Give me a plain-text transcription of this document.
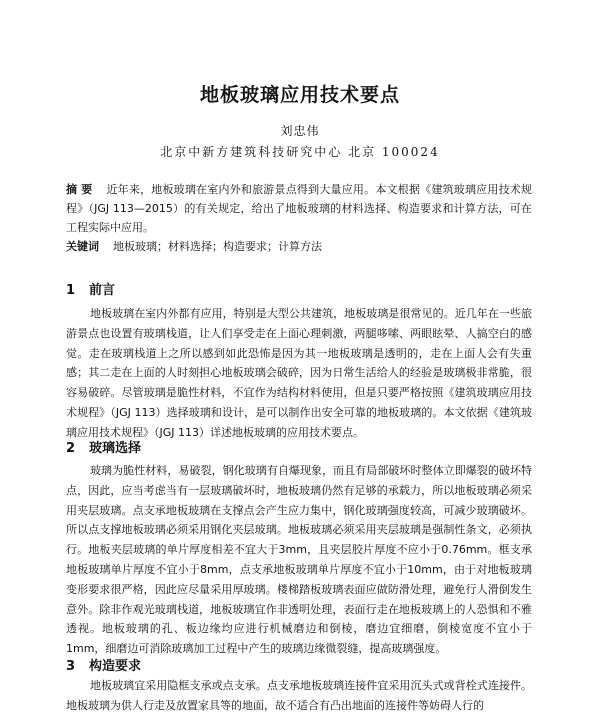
地板玻璃应用技术要点
刘忠伟
北京中新方建筑科技研究中心 北京 100024
摘 要 近年来，地板玻璃在室内外和旅游景点得到大量应用。本文根据《建筑玻璃应用技术规程》（JGJ 113—2015）的有关规定，给出了地板玻璃的材料选择、构造要求和计算方法，可在工程实际中应用。
关键词 地板玻璃；材料选择；构造要求；计算方法
1 前言
地板玻璃在室内外都有应用，特别是大型公共建筑，地板玻璃是很常见的。近几年在一些旅游景点也设置有玻璃栈道，让人们享受走在上面心理刺激，两腿哆嗦、两眼眩晕、人搞空白的感觉。走在玻璃栈道上之所以感到如此恐怖是因为其一地板玻璃是透明的，走在上面人会有失重感；其二走在上面的人时刻担心地板玻璃会破碎，因为日常生活给人的经验是玻璃极非常脆，很容易破碎。尽管玻璃是脆性材料，不宜作为结构材料使用，但是只要严格按照《建筑玻璃应用技术规程》（JGJ 113）选择玻璃和设计，是可以制作出安全可靠的地板玻璃的。本文依据《建筑玻璃应用技术规程》（JGJ 113）详述地板玻璃的应用技术要点。
2 玻璃选择
玻璃为脆性材料，易破裂，钢化玻璃有自爆现象，而且有局部破坏时整体立即爆裂的破坏特点，因此，应当考虑当有一层玻璃破坏时，地板玻璃仍然有足够的承载力，所以地板玻璃必须采用夹层玻璃。点支承地板玻璃在支撑点会产生应力集中，钢化玻璃强度较高，可减少玻璃破坏。所以点支撑地板玻璃必须采用钢化夹层玻璃。地板玻璃必须采用夹层玻璃是强制性条文，必须执行。地板夹层玻璃的单片厚度相差不宜大于3mm，且夹层胶片厚度不应小于0.76mm。框支承地板玻璃单片厚度不宜小于8mm，点支承地板玻璃单片厚度不宜小于10mm，由于对地板玻璃变形要求很严格，因此应尽量采用厚玻璃。楼梯踏板玻璃表面应做防滑处理，避免行人滑倒发生意外。除非作观光玻璃栈道，地板玻璃宜作非透明处理，表面行走在地板玻璃上的人恐惧和不雅透视。地板玻璃的孔、板边缘均应进行机械磨边和倒棱，磨边宜细磨，倒棱宽度不宜小于1mm，细磨边可消除玻璃加工过程中产生的玻璃边缘微裂缝，提高玻璃强度。
3 构造要求
地板玻璃宜采用隐框支承或点支承。点支承地板玻璃连接件宜采用沉头式或背栓式连接件。地板玻璃为供人行走及放置家具等的地面，故不适合有凸出地面的连接件等妨碍人行的
